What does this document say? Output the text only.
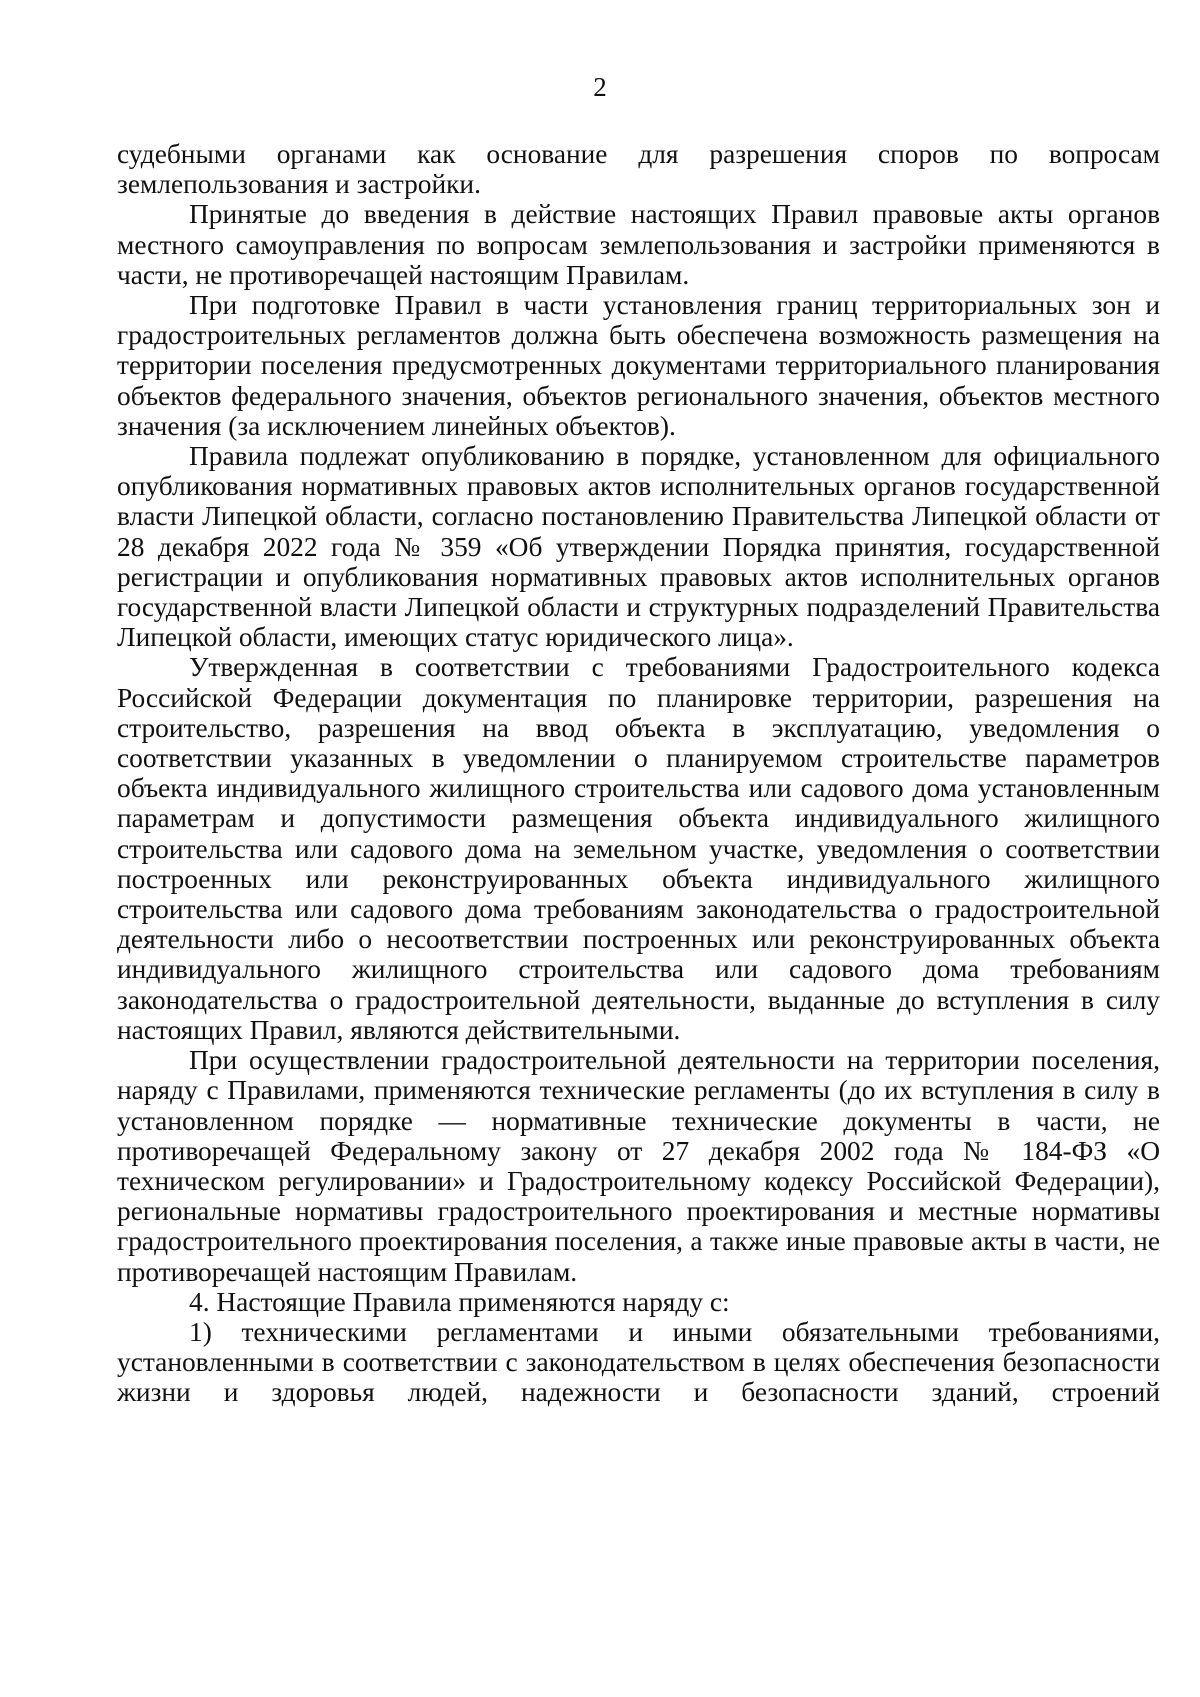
2

судебными органами как основание для разрешения споров по вопросам землепользования и застройки.

Принятые до введения в действие настоящих Правил правовые акты органов местного самоуправления по вопросам землепользования и застройки применяются в части, не противоречащей настоящим Правилам.

При подготовке Правил в части установления границ территориальных зон и градостроительных регламентов должна быть обеспечена возможность размещения на территории поселения предусмотренных документами территориального планирования объектов федерального значения, объектов регионального значения, объектов местного значения (за исключением линейных объектов).

Правила подлежат опубликованию в порядке, установленном для официального опубликования нормативных правовых актов исполнительных органов государственной власти Липецкой области, согласно постановлению Правительства Липецкой области от 28 декабря 2022 года № 359 «Об утверждении Порядка принятия, государственной регистрации и опубликования нормативных правовых актов исполнительных органов государственной власти Липецкой области и структурных подразделений Правительства Липецкой области, имеющих статус юридического лица».

Утвержденная в соответствии с требованиями Градостроительного кодекса Российской Федерации документация по планировке территории, разрешения на строительство, разрешения на ввод объекта в эксплуатацию, уведомления о соответствии указанных в уведомлении о планируемом строительстве параметров объекта индивидуального жилищного строительства или садового дома установленным параметрам и допустимости размещения объекта индивидуального жилищного строительства или садового дома на земельном участке, уведомления о соответствии построенных или реконструированных объекта индивидуального жилищного строительства или садового дома требованиям законодательства о градостроительной деятельности либо о несоответствии построенных или реконструированных объекта индивидуального жилищного строительства или садового дома требованиям законодательства о градостроительной деятельности, выданные до вступления в силу настоящих Правил, являются действительными.

При осуществлении градостроительной деятельности на территории поселения, наряду с Правилами, применяются технические регламенты (до их вступления в силу в установленном порядке — нормативные технические документы в части, не противоречащей Федеральному закону от 27 декабря 2002 года № 184-ФЗ «О техническом регулировании» и Градостроительному кодексу Российской Федерации), региональные нормативы градостроительного проектирования и местные нормативы градостроительного проектирования поселения, а также иные правовые акты в части, не противоречащей настоящим Правилам.

4. Настоящие Правила применяются наряду с:

1) техническими регламентами и иными обязательными требованиями, установленными в соответствии с законодательством в целях обеспечения безопасности жизни и здоровья людей, надежности и безопасности зданий, строений
